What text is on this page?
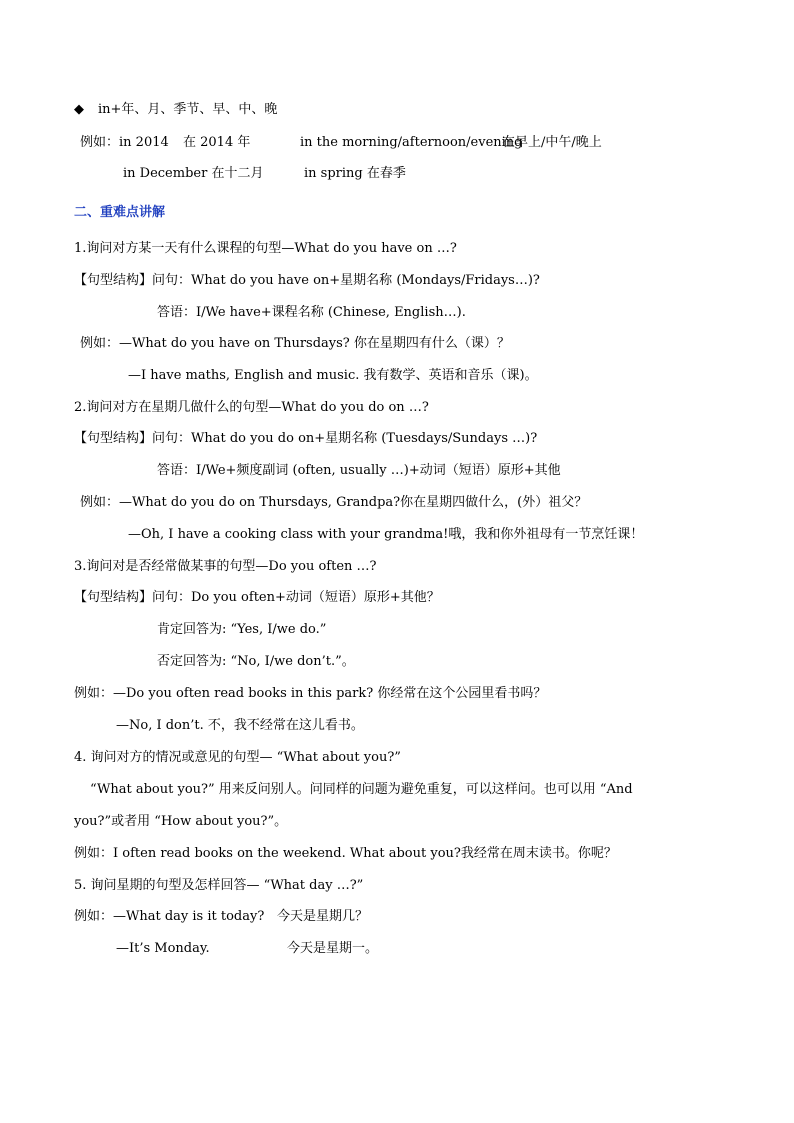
◆ in+年、月、季节、早、中、晚
例如：in 2014 在 2014 年	in the morning/afternoon/evening
在早上/中午/晚上
in December 在十二月	in spring 在春季
二、重难点讲解
1.询问对方某一天有什么课程的句型—What do you have on …?
【句型结构】问句：What do you have on+星期名称 (Mondays/Fridays…)?
答语：I/We have+课程名称 (Chinese, English…).
例如：—What do you have on Thursdays? 你在星期四有什么（课）？
—I have maths, English and music. 我有数学、英语和音乐（课)。
2.询问对方在星期几做什么的句型—What do you do on …?
【句型结构】问句：What do you do on+星期名称 (Tuesdays/Sundays …)?
答语：I/We+频度副词 (often, usually …)+动词（短语）原形+其他
例如：—What do you do on Thursdays, Grandpa?你在星期四做什么，(外）祖父？
—Oh, I have a cooking class with your grandma!哦，我和你外祖母有一节烹饪课！
3.询问对是否经常做某事的句型—Do you often …?
【句型结构】问句：Do you often+动词（短语）原形+其他？
肯定回答为: “Yes, I/we do.”
否定回答为: “No, I/we don’t.”。
例如：—Do you often read books in this park? 你经常在这个公园里看书吗？
—No, I don’t. 不，我不经常在这儿看书。
4. 询问对方的情况或意见的句型— “What about you?”
“What about you?” 用来反问别人。问同样的问题为避免重复，可以这样问。也可以用 “And
you?”或者用 “How about you?”。
例如：I often read books on the weekend. What about you?我经常在周末读书。你呢？
5. 询问星期的句型及怎样回答— “What day …?”
例如：—What day is it today? 今天是星期几？
—It’s Monday.	今天是星期一。
